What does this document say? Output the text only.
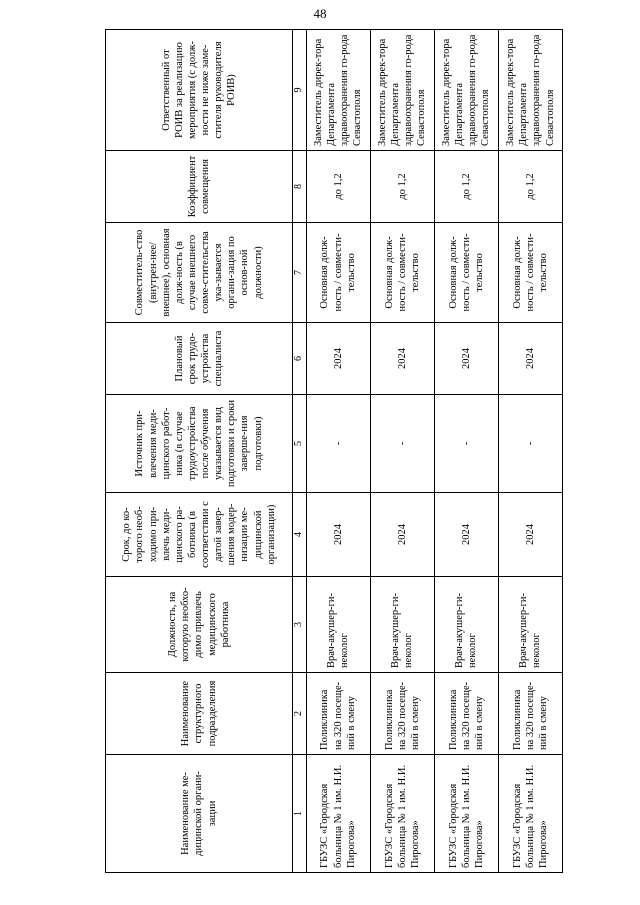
48
Наименование ме-дицинской органи-зации	Наименование структурного подразделения	Должность, на которую необхо-димо привлечь медицинского работника	Срок, до ко-торого необ-ходимо при-влечь меди-цинского ра-ботника (в соответствии с датой завер-шения модер-низации ме-дицинской организации)	Источник при-влечения меди-цинского работ-ника (в случае трудоустройства после обучения указывается вид подготовки и сроки заверше-ния подготовки)	Плановый срок трудо-устройства специалиста	Совместитель-ство (внутрен-нее/внешнее), основная долж-ность (в случае внешнего совме-стительства ука-зывается органи-зация по основ-ной должности)	Коэффициент совмещения	Ответственный от РОИВ за реализацию мероприятия (с долж-ности не ниже заме-стителя руководителя РОИВ)
1	2	3	4	5	6	7	8	9
ГБУЗС «Городская больница № 1 им. Н.И. Пирогова»	Поликлиника на 320 посеще-ний в смену	Врач-акушер-ги-неколог	2024	-	2024	Основная долж-ность / совмести-тельство	до 1,2	Заместитель дирек-тора Департамента здравоохранения го-рода Севастополя
ГБУЗС «Городская больница № 1 им. Н.И. Пирогова»	Поликлиника на 320 посеще-ний в смену	Врач-акушер-ги-неколог	2024	-	2024	Основная долж-ность / совмести-тельство	до 1,2	Заместитель дирек-тора Департамента здравоохранения го-рода Севастополя
ГБУЗС «Городская больница № 1 им. Н.И. Пирогова»	Поликлиника на 320 посеще-ний в смену	Врач-акушер-ги-неколог	2024	-	2024	Основная долж-ность / совмести-тельство	до 1,2	Заместитель дирек-тора Департамента здравоохранения го-рода Севастополя
ГБУЗС «Городская больница № 1 им. Н.И. Пирогова»	Поликлиника на 320 посеще-ний в смену	Врач-акушер-ги-неколог	2024	-	2024	Основная долж-ность / совмести-тельство	до 1,2	Заместитель дирек-тора Департамента здравоохранения го-рода Севастополя
